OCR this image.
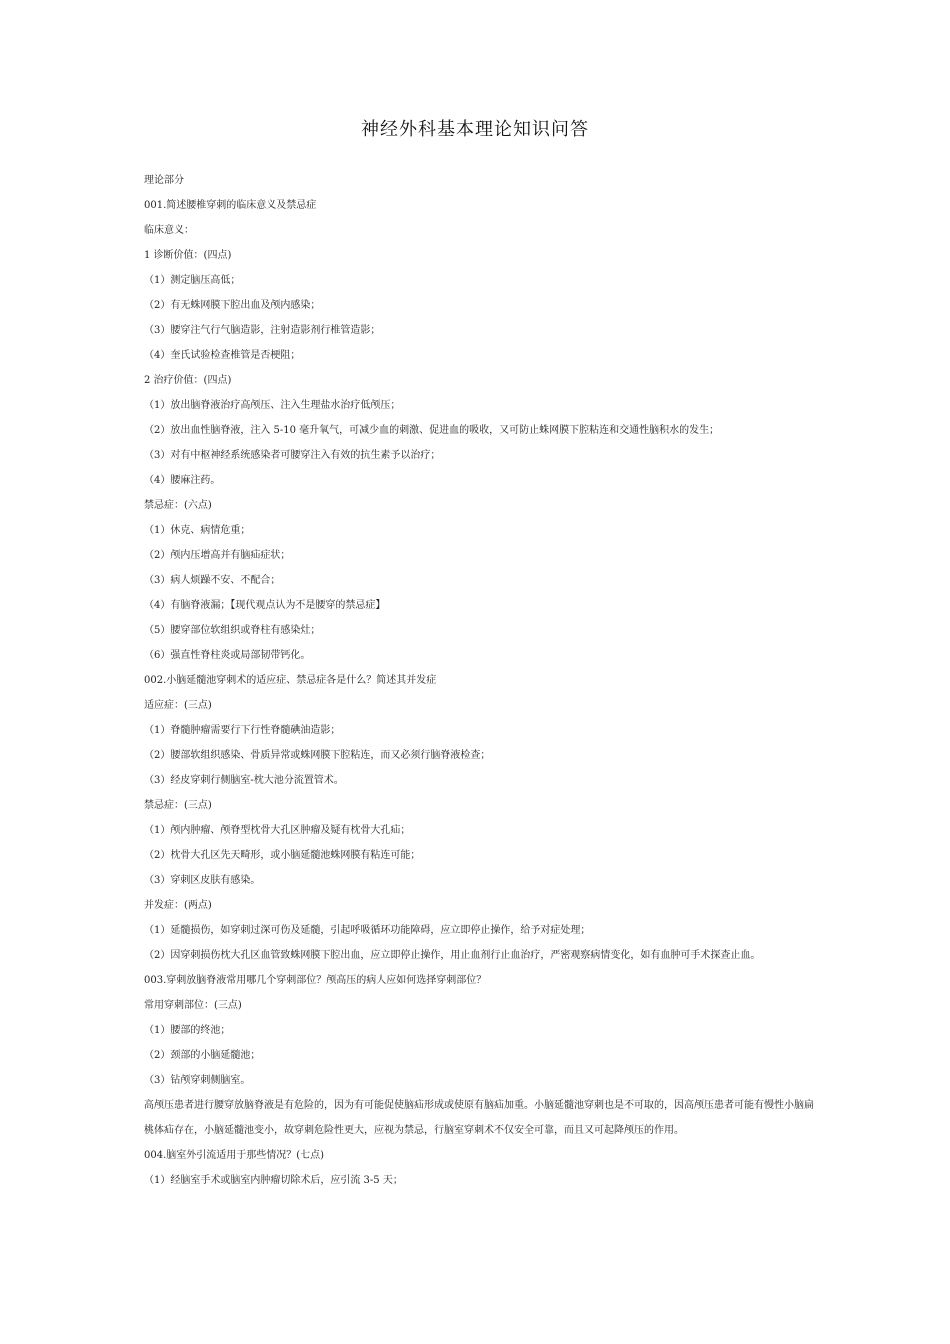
神经外科基本理论知识问答

理论部分

001.简述腰椎穿刺的临床意义及禁忌症

临床意义：

1 诊断价值：(四点)

（1）测定脑压高低；

（2）有无蛛网膜下腔出血及颅内感染；

（3）腰穿注气行气脑造影，注射造影剂行椎管造影；

（4）奎氏试验检查椎管是否梗阻；

2 治疗价值：(四点)

（1）放出脑脊液治疗高颅压、注入生理盐水治疗低颅压；

（2）放出血性脑脊液，注入 5-10 毫升氧气，可减少血的刺激、促进血的吸收，又可防止蛛网膜下腔粘连和交通性脑积水的发生；

（3）对有中枢神经系统感染者可腰穿注入有效的抗生素予以治疗；

（4）腰麻注药。

禁忌症：(六点)

（1）休克、病情危重；

（2）颅内压增高并有脑疝症状；

（3）病人烦躁不安、不配合；

（4）有脑脊液漏；【现代观点认为不是腰穿的禁忌症】

（5）腰穿部位软组织或脊柱有感染灶；

（6）强直性脊柱炎或局部韧带钙化。

002.小脑延髓池穿刺术的适应症、禁忌症各是什么？简述其并发症

适应症：(三点)

（1）脊髓肿瘤需要行下行性脊髓碘油造影；

（2）腰部软组织感染、骨质异常或蛛网膜下腔粘连，而又必须行脑脊液检查；

（3）经皮穿刺行侧脑室-枕大池分流置管术。

禁忌症：(三点)

（1）颅内肿瘤、颅脊型枕骨大孔区肿瘤及疑有枕骨大孔疝；

（2）枕骨大孔区先天畸形，或小脑延髓池蛛网膜有粘连可能；

（3）穿刺区皮肤有感染。

并发症：(两点)

（1）延髓损伤，如穿刺过深可伤及延髓，引起呼吸循环功能障碍，应立即停止操作，给予对症处理；

（2）因穿刺损伤枕大孔区血管致蛛网膜下腔出血，应立即停止操作，用止血剂行止血治疗，严密观察病情变化，如有血肿可手术探查止血。

003.穿刺放脑脊液常用哪几个穿刺部位？颅高压的病人应如何选择穿刺部位？

常用穿刺部位：(三点)

（1）腰部的终池；

（2）颈部的小脑延髓池；

（3）钻颅穿刺侧脑室。

高颅压患者进行腰穿放脑脊液是有危险的，因为有可能促使脑疝形成或使原有脑疝加重。小脑延髓池穿刺也是不可取的，因高颅压患者可能有慢性小脑扁桃体疝存在，小脑延髓池变小，故穿刺危险性更大，应视为禁忌，行脑室穿刺术不仅安全可靠，而且又可起降颅压的作用。

004.脑室外引流适用于那些情况？(七点)

（1）经脑室手术或脑室内肿瘤切除术后，应引流 3-5 天；
